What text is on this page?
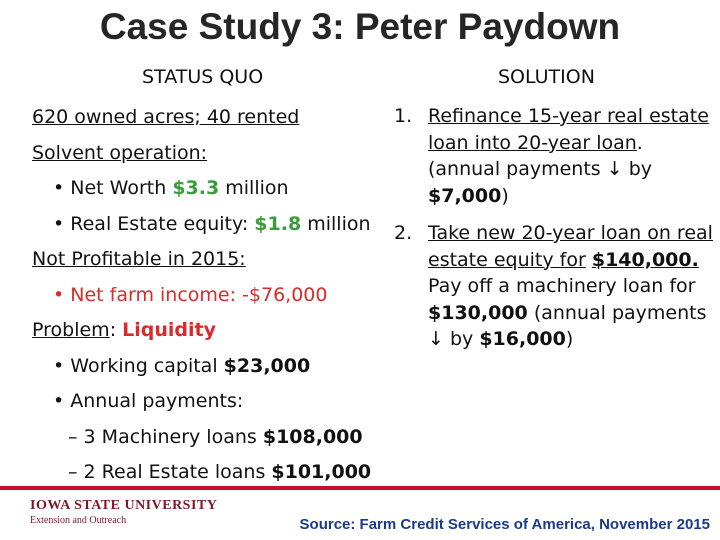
Case Study 3: Peter Paydown
STATUS QUO	SOLUTION
620 owned acres; 40 rented
Solvent operation:
• Net Worth $3.3 million
• Real Estate equity: $1.8 million
Not Profitable in 2015:
• Net farm income: -$76,000
Problem: Liquidity
• Working capital $23,000
• Annual payments:
– 3 Machinery loans $108,000
– 2 Real Estate loans $101,000
1. Refinance 15-year real estate loan into 20-year loan. (annual payments ↓ by $7,000)
2. Take new 20-year loan on real estate equity for $140,000. Pay off a machinery loan for $130,000 (annual payments ↓ by $16,000)
IOWA STATE UNIVERSITY
Extension and Outreach	Source: Farm Credit Services of America, November 2015
